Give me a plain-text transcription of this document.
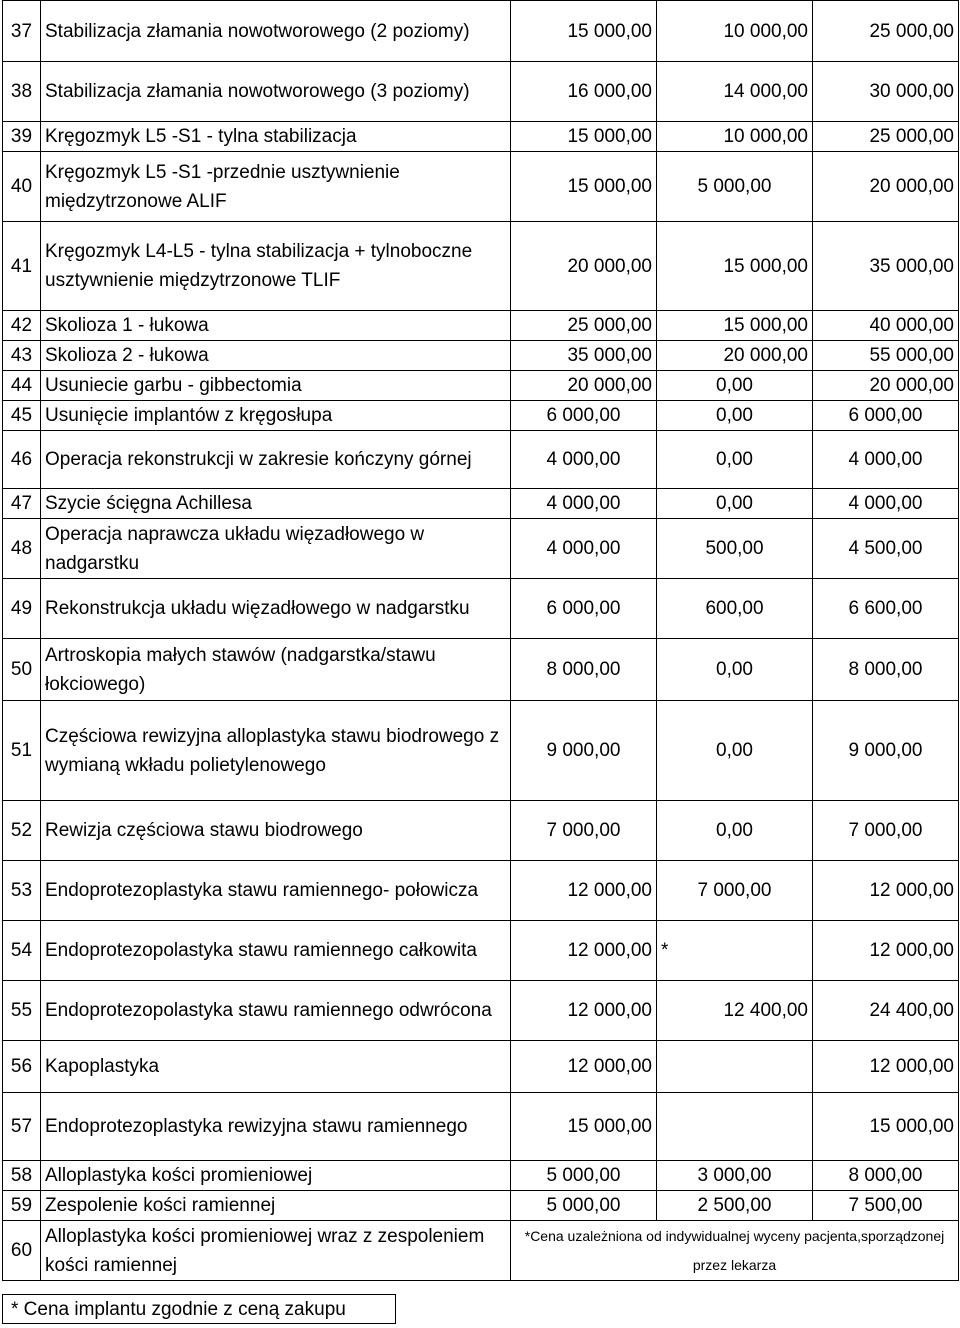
37	Stabilizacja złamania nowotworowego (2 poziomy)	15 000,00	10 000,00	25 000,00
38	Stabilizacja złamania nowotworowego (3 poziomy)	16 000,00	14 000,00	30 000,00
39	Kręgozmyk L5 -S1 - tylna stabilizacja	15 000,00	10 000,00	25 000,00
40	Kręgozmyk L5 -S1 -przednie usztywnienie międzytrzonowe ALIF	15 000,00	5 000,00	20 000,00
41	Kręgozmyk L4-L5 - tylna stabilizacja + tylnoboczne usztywnienie międzytrzonowe TLIF	20 000,00	15 000,00	35 000,00
42	Skolioza 1 - łukowa	25 000,00	15 000,00	40 000,00
43	Skolioza 2 - łukowa	35 000,00	20 000,00	55 000,00
44	Usuniecie garbu - gibbectomia	20 000,00	0,00	20 000,00
45	Usunięcie implantów z kręgosłupa	6 000,00	0,00	6 000,00
46	Operacja rekonstrukcji w zakresie kończyny górnej	4 000,00	0,00	4 000,00
47	Szycie ścięgna Achillesa	4 000,00	0,00	4 000,00
48	Operacja naprawcza układu więzadłowego w nadgarstku	4 000,00	500,00	4 500,00
49	Rekonstrukcja układu więzadłowego w nadgarstku	6 000,00	600,00	6 600,00
50	Artroskopia małych stawów (nadgarstka/stawu łokciowego)	8 000,00	0,00	8 000,00
51	Częściowa rewizyjna alloplastyka stawu biodrowego z wymianą wkładu polietylenowego	9 000,00	0,00	9 000,00
52	Rewizja częściowa stawu biodrowego	7 000,00	0,00	7 000,00
53	Endoprotezoplastyka stawu ramiennego- połowicza	12 000,00	7 000,00	12 000,00
54	Endoprotezopolastyka stawu ramiennego całkowita	12 000,00	*	12 000,00
55	Endoprotezopolastyka stawu ramiennego odwrócona	12 000,00	12 400,00	24 400,00
56	Kapoplastyka	12 000,00		12 000,00
57	Endoprotezoplastyka rewizyjna stawu ramiennego	15 000,00		15 000,00
58	Alloplastyka kości promieniowej	5 000,00	3 000,00	8 000,00
59	Zespolenie kości ramiennej	5 000,00	2 500,00	7 500,00
60	Alloplastyka kości promieniowej wraz z zespoleniem kości ramiennej	*Cena uzależniona od indywidualnej wyceny pacjenta,sporządzonej przez lekarza		
* Cena implantu zgodnie z ceną zakupu
